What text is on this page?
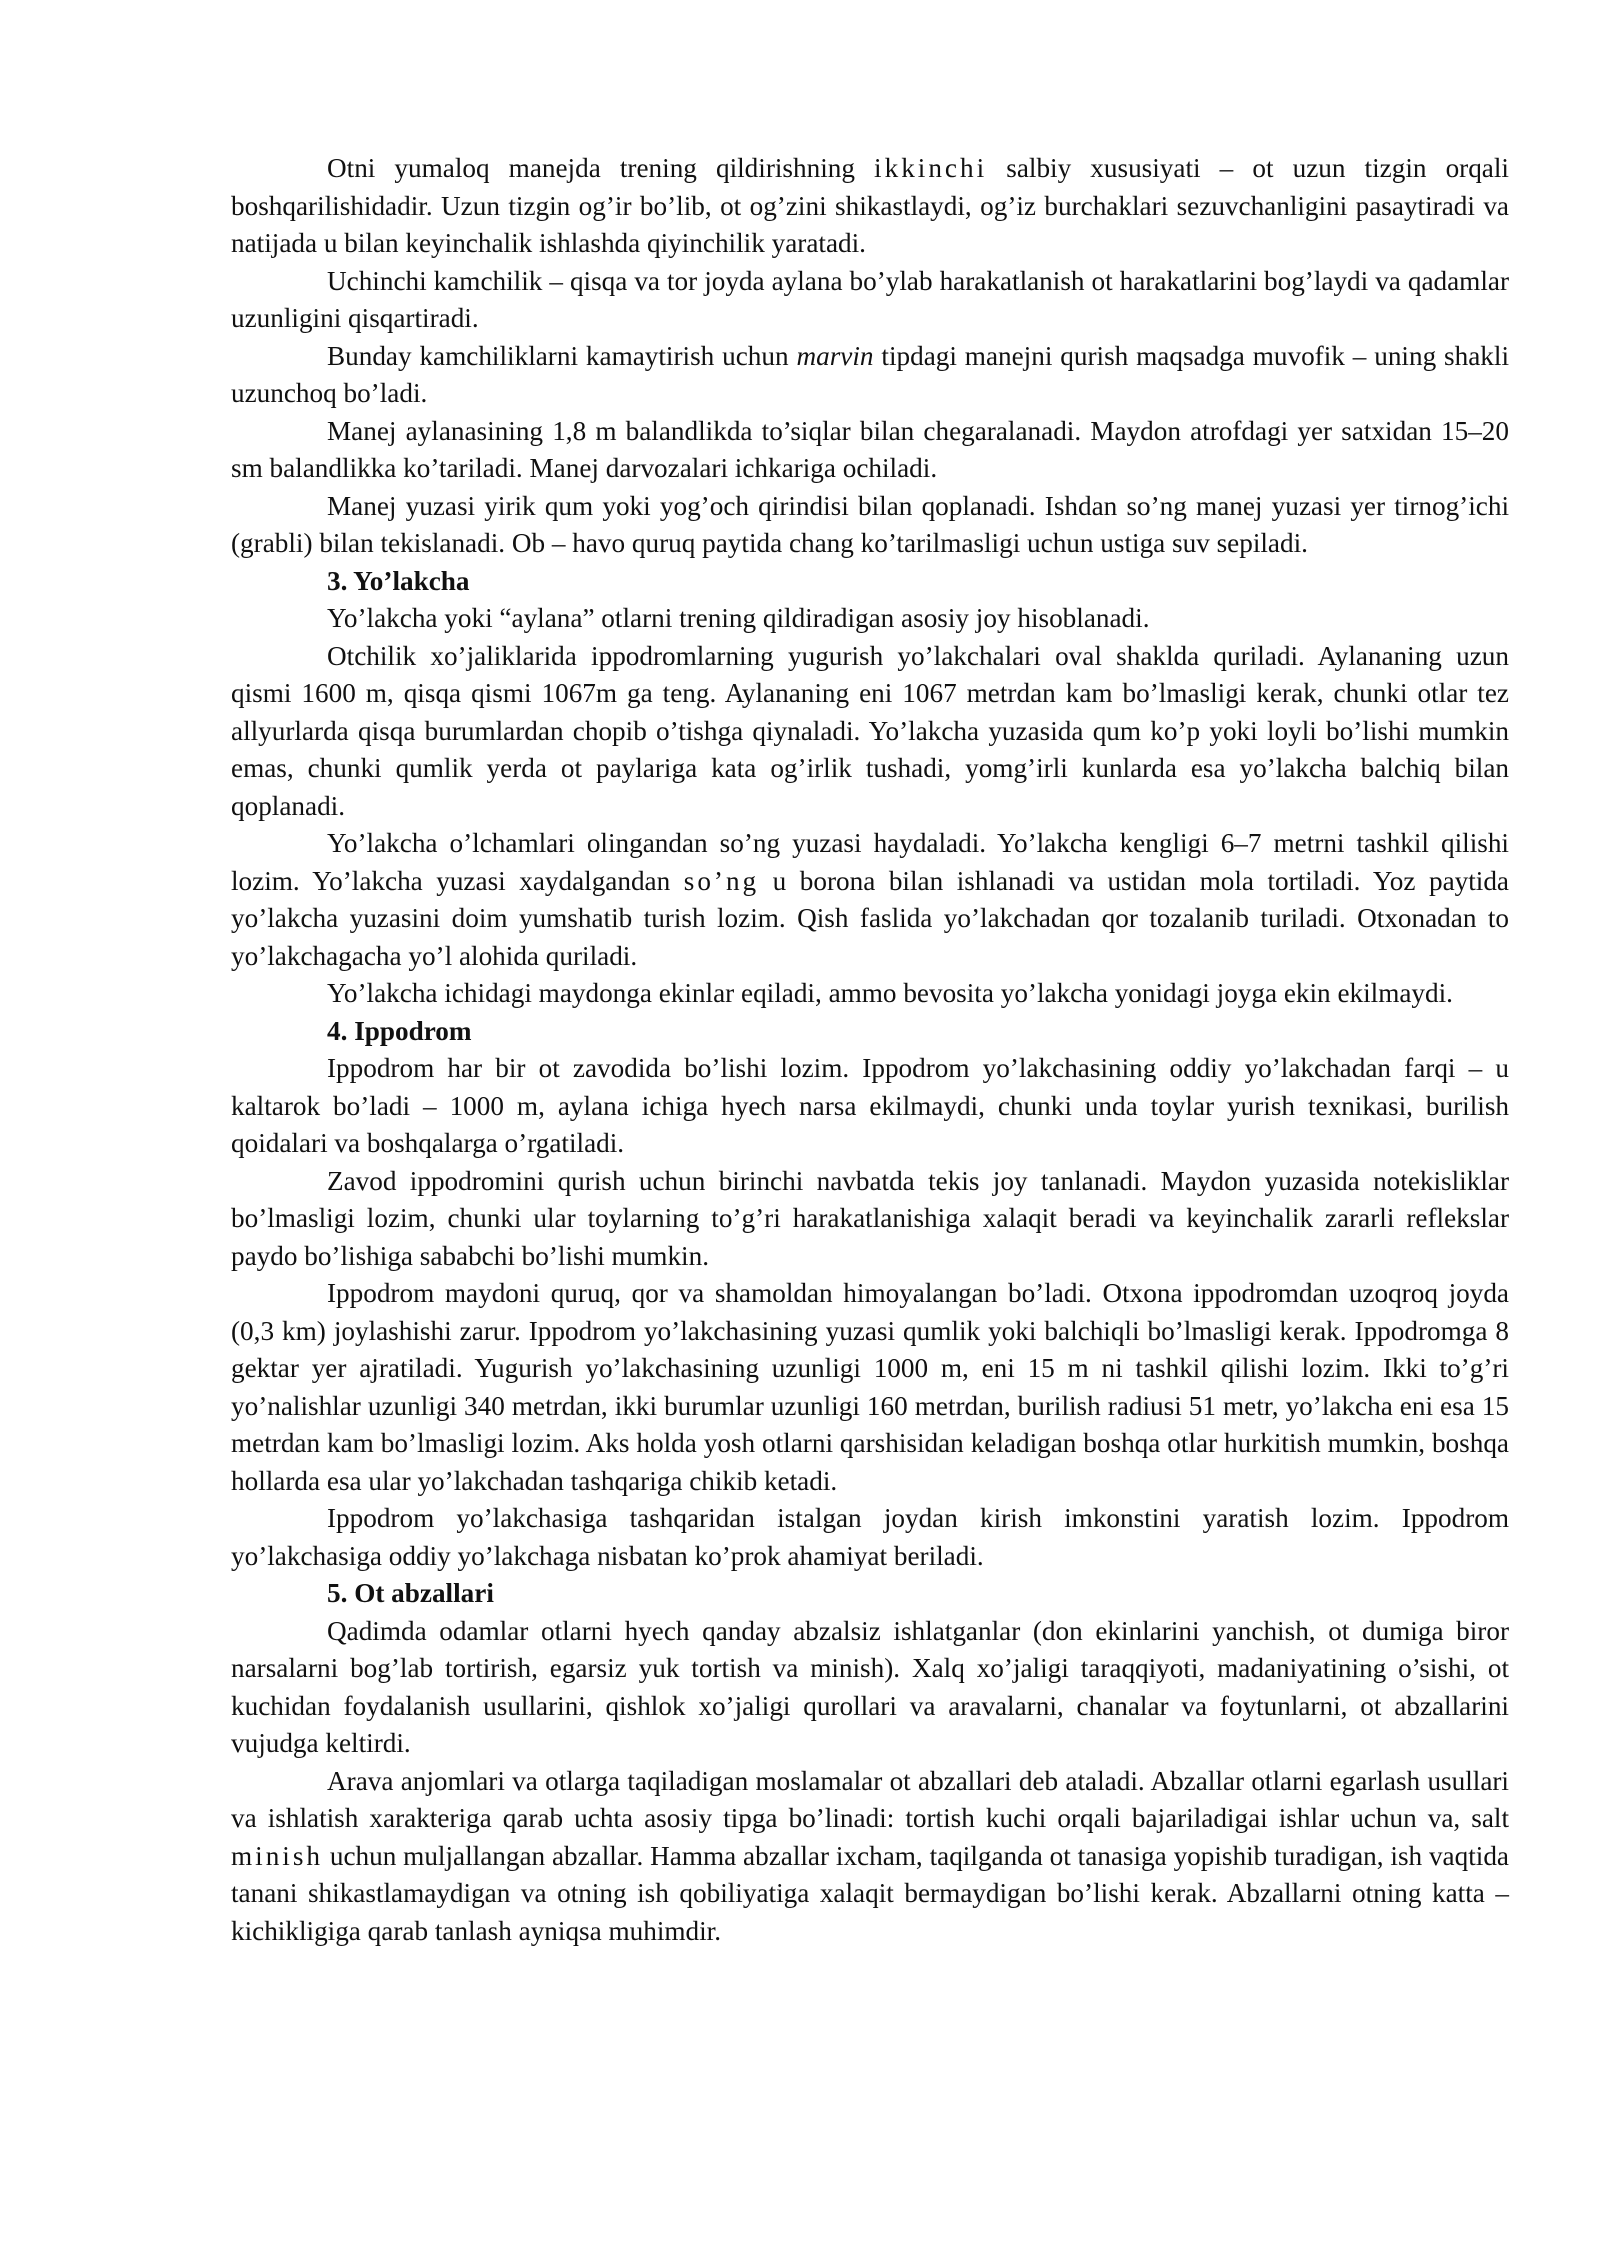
Otni yumaloq manejda trening qildirishning ikkinchi salbiy xususiyati – ot uzun tizgin orqali boshqarilishidadir. Uzun tizgin og’ir bo’lib, ot og’zini shikastlaydi, og’iz burchaklari sezuvchanligini pasaytiradi va natijada u bilan keyinchalik ishlashda qiyinchilik yaratadi.

Uchinchi kamchilik – qisqa va tor joyda aylana bo’ylab harakatlanish ot harakatlarini bog’laydi va qadamlar uzunligini qisqartiradi.

Bunday kamchiliklarni kamaytirish uchun marvin tipdagi manejni qurish maqsadga muvofik – uning shakli uzunchoq bo’ladi.

Manej aylanasining 1,8 m balandlikda to’siqlar bilan chegaralanadi. Maydon atrofdagi yer satxidan 15–20 sm balandlikka ko’tariladi. Manej darvozalari ichkariga ochiladi.

Manej yuzasi yirik qum yoki yog’och qirindisi bilan qoplanadi. Ishdan so’ng manej yuzasi yer tirnog’ichi (grabli) bilan tekislanadi. Ob – havo quruq paytida chang ko’tarilmasligi uchun ustiga suv sepiladi.

3. Yo’lakcha

Yo’lakcha yoki “aylana” otlarni trening qildiradigan asosiy joy hisoblanadi.

Otchilik xo’jaliklarida ippodromlarning yugurish yo’lakchalari oval shaklda quriladi. Aylananing uzun qismi 1600 m, qisqa qismi 1067m ga teng. Aylananing eni 1067 metrdan kam bo’lmasligi kerak, chunki otlar tez allyurlarda qisqa burumlardan chopib o’tishga qiynaladi. Yo’lakcha yuzasida qum ko’p yoki loyli bo’lishi mumkin emas, chunki qumlik yerda ot paylariga kata og’irlik tushadi, yomg’irli kunlarda esa yo’lakcha balchiq bilan qoplanadi.

Yo’lakcha o’lchamlari olingandan so’ng yuzasi haydaladi. Yo’lakcha kengligi 6–7 metrni tashkil qilishi lozim. Yo’lakcha yuzasi xaydalgandan so’ng u borona bilan ishlanadi va ustidan mola tortiladi. Yoz paytida yo’lakcha yuzasini doim yumshatib turish lozim. Qish faslida yo’lakchadan qor tozalanib turiladi. Otxonadan to yo’lakchagacha yo’l alohida quriladi.

Yo’lakcha ichidagi maydonga ekinlar eqiladi, ammo bevosita yo’lakcha yonidagi joyga ekin ekilmaydi.

4. Ippodrom

Ippodrom har bir ot zavodida bo’lishi lozim. Ippodrom yo’lakchasining oddiy yo’lakchadan farqi – u kaltarok bo’ladi – 1000 m, aylana ichiga hyech narsa ekilmaydi, chunki unda toylar yurish texnikasi, burilish qoidalari va boshqalarga o’rgatiladi.

Zavod ippodromini qurish uchun birinchi navbatda tekis joy tanlanadi. Maydon yuzasida notekisliklar bo’lmasligi lozim, chunki ular toylarning to’g’ri harakatlanishiga xalaqit beradi va keyinchalik zararli reflekslar paydo bo’lishiga sababchi bo’lishi mumkin.

Ippodrom maydoni quruq, qor va shamoldan himoyalangan bo’ladi. Otxona ippodromdan uzoqroq joyda (0,3 km) joylashishi zarur. Ippodrom yo’lakchasining yuzasi qumlik yoki balchiqli bo’lmasligi kerak. Ippodromga 8 gektar yer ajratiladi. Yugurish yo’lakchasining uzunligi 1000 m, eni 15 m ni tashkil qilishi lozim. Ikki to’g’ri yo’nalishlar uzunligi 340 metrdan, ikki burumlar uzunligi 160 metrdan, burilish radiusi 51 metr, yo’lakcha eni esa 15 metrdan kam bo’lmasligi lozim. Aks holda yosh otlarni qarshisidan keladigan boshqa otlar hurkitish mumkin, boshqa hollarda esa ular yo’lakchadan tashqariga chikib ketadi.

Ippodrom yo’lakchasiga tashqaridan istalgan joydan kirish imkonstini yaratish lozim. Ippodrom yo’lakchasiga oddiy yo’lakchaga nisbatan ko’prok ahamiyat beriladi.

5. Ot abzallari

Qadimda odamlar otlarni hyech qanday abzalsiz ishlatganlar (don ekinlarini yanchish, ot dumiga biror narsalarni bog’lab tortirish, egarsiz yuk tortish va minish). Xalq xo’jaligi taraqqiyoti, madaniyatining o’sishi, ot kuchidan foydalanish usullarini, qishlok xo’jaligi qurollari va aravalarni, chanalar va foytunlarni, ot abzallarini vujudga keltirdi.

Arava anjomlari va otlarga taqiladigan moslamalar ot abzallari deb ataladi. Abzallar otlarni egarlash usullari va ishlatish xarakteriga qarab uchta asosiy tipga bo’linadi: tortish kuchi orqali bajariladigai ishlar uchun va, salt minish uchun muljallangan abzallar. Hamma abzallar ixcham, taqilganda ot tanasiga yopishib turadigan, ish vaqtida tanani shikastlamaydigan va otning ish qobiliyatiga xalaqit bermaydigan bo’lishi kerak. Abzallarni otning katta – kichikligiga qarab tanlash ayniqsa muhimdir.
